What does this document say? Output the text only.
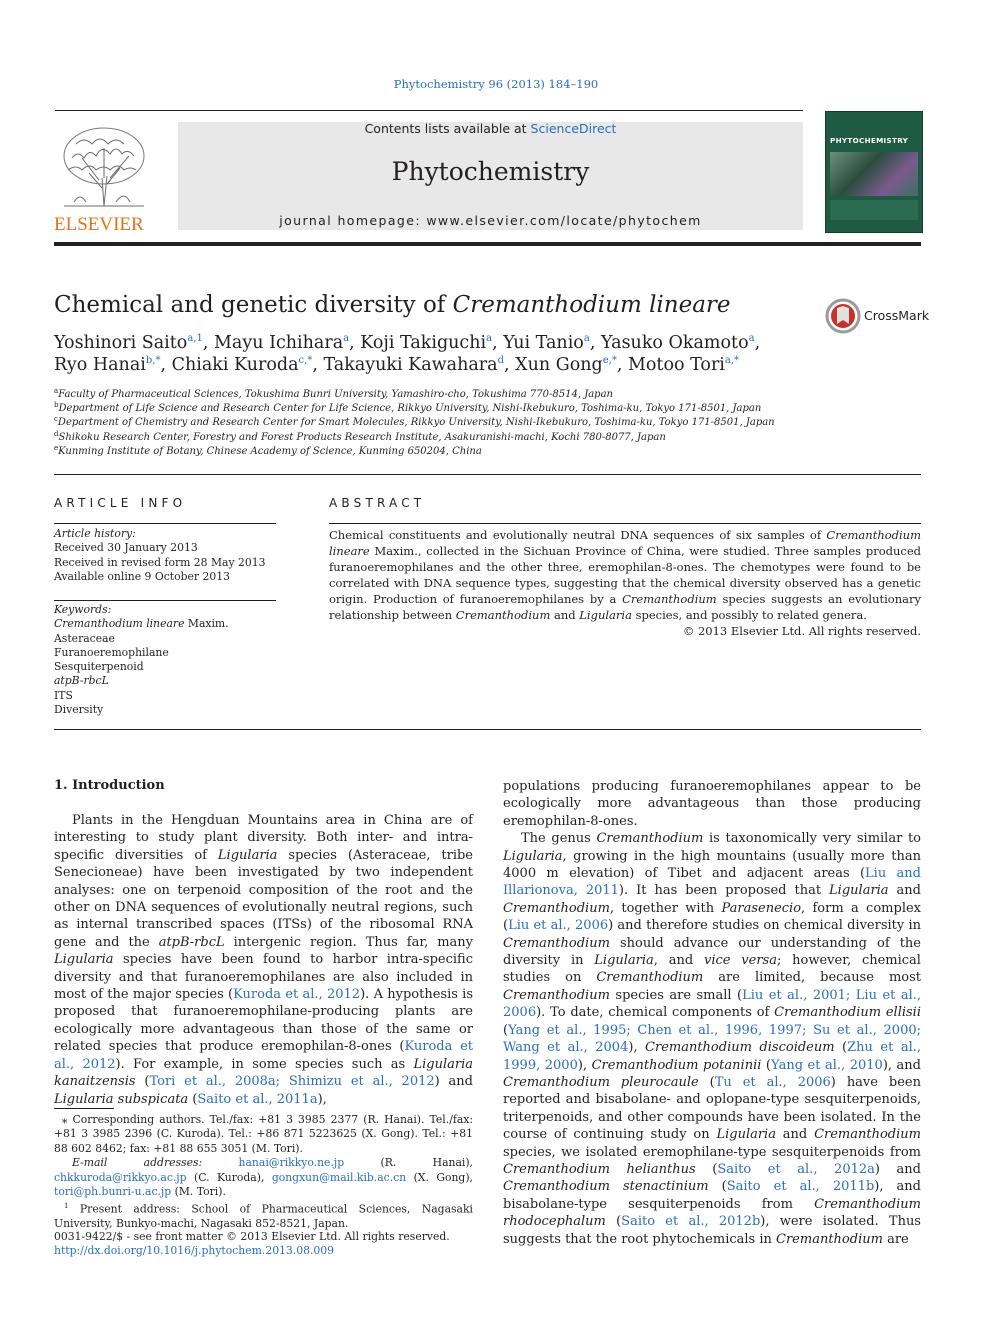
Phytochemistry 96 (2013) 184–190
ELSEVIER
Contents lists available at ScienceDirect
Phytochemistry
journal homepage: www.elsevier.com/locate/phytochem
PHYTOCHEMISTRY
Chemical and genetic diversity of Cremanthodium lineare	CrossMark
Yoshinori Saito$^{a,1}$, Mayu Ichihara$^a$, Koji Takiguchi$^a$, Yui Tanio$^a$, Yasuko Okamoto$^a$,
Ryo Hanai$^{b,*}$, Chiaki Kuroda$^{c,*}$, Takayuki Kawahara$^d$, Xun Gong$^{e,*}$, Motoo Tori$^{a,*}$
$^a$Faculty of Pharmaceutical Sciences, Tokushima Bunri University, Yamashiro-cho, Tokushima 770-8514, Japan
$^b$Department of Life Science and Research Center for Life Science, Rikkyo University, Nishi-Ikebukuro, Toshima-ku, Tokyo 171-8501, Japan
$^c$Department of Chemistry and Research Center for Smart Molecules, Rikkyo University, Nishi-Ikebukuro, Toshima-ku, Tokyo 171-8501, Japan
$^d$Shikoku Research Center, Forestry and Forest Products Research Institute, Asakuranishi-machi, Kochi 780-8077, Japan
$^e$Kunming Institute of Botany, Chinese Academy of Science, Kunming 650204, China
ARTICLE INFO
Article history:
Received 30 January 2013
Received in revised form 28 May 2013
Available online 9 October 2013
Keywords:
Cremanthodium lineare Maxim.
Asteraceae
Furanoeremophilane
Sesquiterpenoid
atpB-rbcL
ITS
Diversity
ABSTRACT
Chemical constituents and evolutionally neutral DNA sequences of six samples of Cremanthodium lineare Maxim., collected in the Sichuan Province of China, were studied. Three samples produced furanoeremophilanes and the other three, eremophilan-8-ones. The chemotypes were found to be correlated with DNA sequence types, suggesting that the chemical diversity observed has a genetic origin. Production of furanoeremophilanes by a Cremanthodium species suggests an evolutionary relationship between Cremanthodium and Ligularia species, and possibly to related genera.
© 2013 Elsevier Ltd. All rights reserved.
1. Introduction

Plants in the Hengduan Mountains area in China are of interesting to study plant diversity. Both inter- and intra-specific diversities of Ligularia species (Asteraceae, tribe Senecioneae) have been investigated by two independent analyses: one on terpenoid composition of the root and the other on DNA sequences of evolutionally neutral regions, such as internal transcribed spaces (ITSs) of the ribosomal RNA gene and the atpB-rbcL intergenic region. Thus far, many Ligularia species have been found to harbor intra-specific diversity and that furanoeremophilanes are also included in most of the major species (Kuroda et al., 2012). A hypothesis is proposed that furanoeremophilane-producing plants are ecologically more advantageous than those of the same or related species that produce eremophilan-8-ones (Kuroda et al., 2012). For example, in some species such as Ligularia kanaitzensis (Tori et al., 2008a; Shimizu et al., 2012) and Ligularia subspicata (Saito et al., 2011a),

⁎ Corresponding authors. Tel./fax: +81 3 3985 2377 (R. Hanai). Tel./fax: +81 3 3985 2396 (C. Kuroda). Tel.: +86 871 5223625 (X. Gong). Tel.: +81 88 602 8462; fax: +81 88 655 3051 (M. Tori).
E-mail addresses:	hanai@rikkyo.ne.jp (R. Hanai), chkkuroda@rikkyo.ac.jp (C. Kuroda), gongxun@mail.kib.ac.cn (X. Gong), tori@ph.bunri-u.ac.jp (M. Tori).
$^1$ Present address: School of Pharmaceutical Sciences, Nagasaki University, Bunkyo-machi, Nagasaki 852-8521, Japan.
0031-9422/$ - see front matter © 2013 Elsevier Ltd. All rights reserved.
http://dx.doi.org/10.1016/j.phytochem.2013.08.009

populations producing furanoeremophilanes appear to be ecologically more advantageous than those producing eremophilan-8-ones.

The genus Cremanthodium is taxonomically very similar to Ligularia, growing in the high mountains (usually more than 4000 m elevation) of Tibet and adjacent areas (Liu and Illarionova, 2011). It has been proposed that Ligularia and Cremanthodium, together with Parasenecio, form a complex (Liu et al., 2006) and therefore studies on chemical diversity in Cremanthodium should advance our understanding of the diversity in Ligularia, and vice versa; however, chemical studies on Cremanthodium are limited, because most Cremanthodium species are small (Liu et al., 2001; Liu et al., 2006). To date, chemical components of Cremanthodium ellisii (Yang et al., 1995; Chen et al., 1996, 1997; Su et al., 2000; Wang et al., 2004), Cremanthodium discoideum (Zhu et al., 1999, 2000), Cremanthodium potaninii (Yang et al., 2010), and Cremanthodium pleurocaule (Tu et al., 2006) have been reported and bisabolane- and oplopane-type sesquiterpenoids, triterpenoids, and other compounds have been isolated. In the course of continuing study on Ligularia and Cremanthodium species, we isolated eremophilane-type sesquiterpenoids from Cremanthodium helianthus (Saito et al., 2012a) and Cremanthodium stenactinium (Saito et al., 2011b), and bisabolane-type sesquiterpenoids from Cremanthodium rhodocephalum (Saito et al., 2012b), were isolated. Thus suggests that the root phytochemicals in Cremanthodium are
